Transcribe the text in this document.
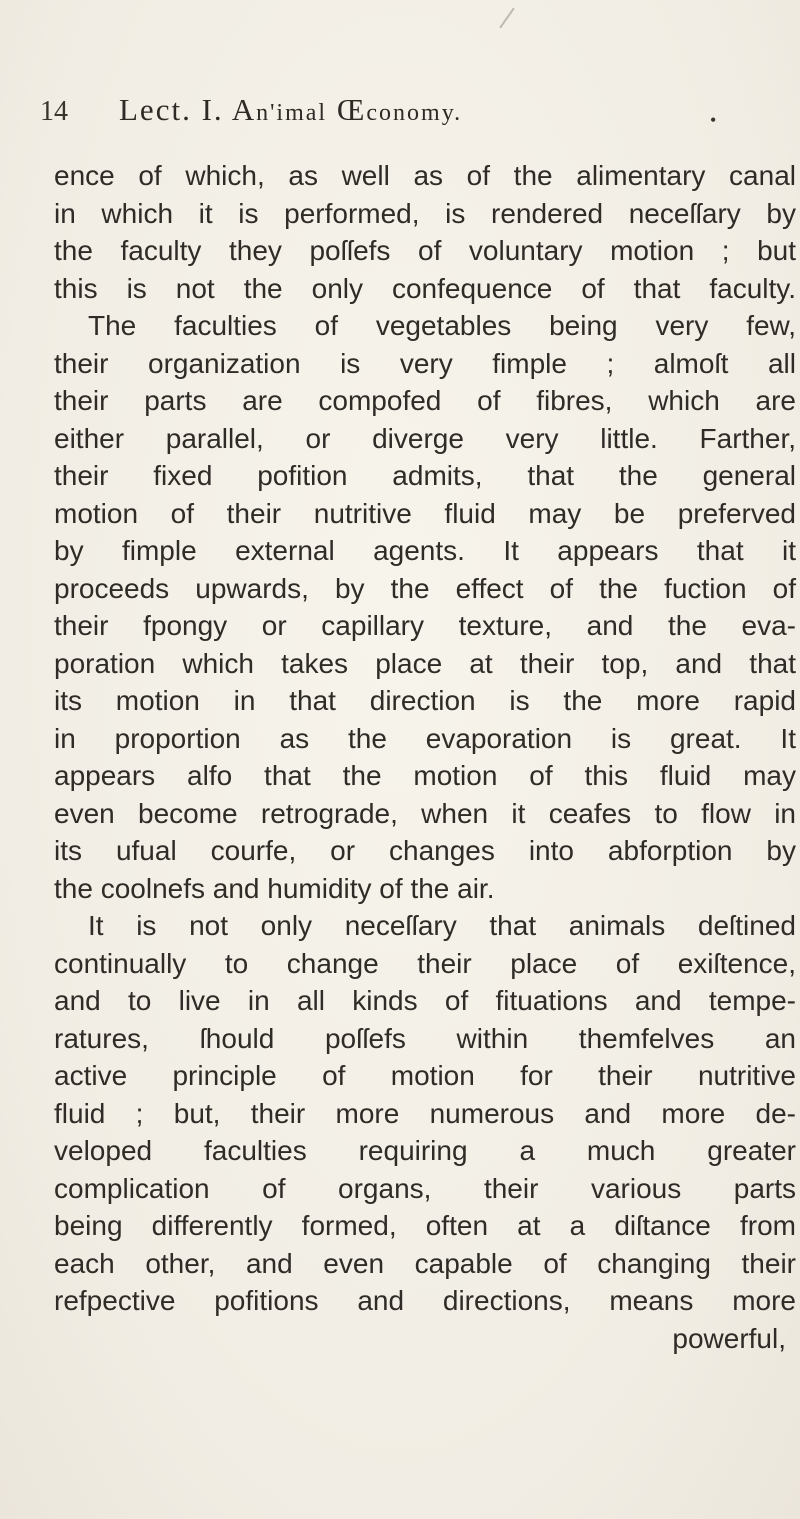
14 Lect. I. An'imal Œconomy.	•
ence of which, as well as of the alimentary canal
in which it is performed, is rendered neceſſary by
the faculty they poſſefs of voluntary motion ; but
this is not the only confequence of that faculty.
The faculties of vegetables being very few,
their organization is very fimple ; almoſt all
their parts are compofed of fibres, which are
either parallel, or diverge very little. Farther,
their fixed pofition admits, that the general
motion of their nutritive fluid may be preferved
by fimple external agents. It appears that it
proceeds upwards, by the effect of the fuction of
their fpongy or capillary texture, and the eva-
poration which takes place at their top, and that
its motion in that direction is the more rapid
in proportion as the evaporation is great. It
appears alfo that the motion of this fluid may
even become retrograde, when it ceafes to flow in
its ufual courfe, or changes into abforption by
the coolnefs and humidity of the air.
It is not only neceſſary that animals deſtined
continually to change their place of exiſtence,
and to live in all kinds of fituations and tempe-
ratures, ſhould poſſefs within themfelves an
active principle of motion for their nutritive
fluid ; but, their more numerous and more de-
veloped faculties requiring a much greater
complication of organs, their various parts
being differently formed, often at a diſtance from
each other, and even capable of changing their
refpective pofitions and directions, means more
powerful,
